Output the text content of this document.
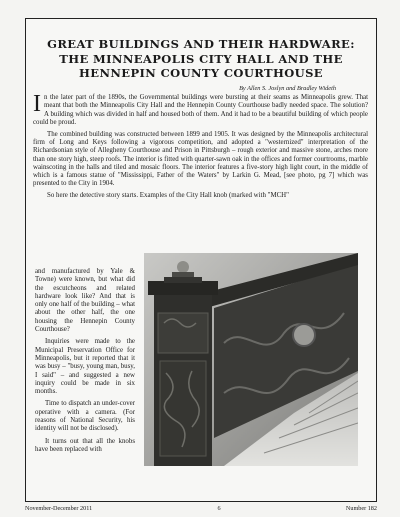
GREAT BUILDINGS AND THEIR HARDWARE:

THE MINNEAPOLIS CITY HALL AND THE

HENNEPIN COUNTY COURTHOUSE

By Allen S. Joslyn and Bradley Wideth

In the later part of the 1890s, the Governmental buildings were bursting at their seams as Minneapolis grew. That meant that both the Minneapolis City Hall and the Hennepin County Courthouse badly needed space. The solution? A building which was divided in half and housed both of them. And it had to be a beautiful building of which people could be proud.

The combined building was constructed between 1899 and 1905. It was designed by the Minneapolis architectural firm of Long and Keys following a vigorous competition, and adopted a "westernized" interpretation of the Richardsonian style of Allegheny Courthouse and Prison in Pittsburgh – rough exterior and massive stone, arches more than one story high, steep roofs. The interior is fitted with quarter-sawn oak in the offices and former courtrooms, marble wainscoting in the halls and tiled and mosaic floors. The interior features a five-story high light court, in the middle of which is a famous statue of "Mississippi, Father of the Waters" by Larkin G. Mead, [see photo, pg 7] which was presented to the City in 1904.

So here the detective story starts. Examples of the City Hall knob (marked with "MCH"

and manufactured by Yale & Towne) were known, but what did the escutcheons and related hardware look like? And that is only one half of the building – what about the other half, the one housing the Hennepin County Courthouse?

Inquiries were made to the Municipal Preservation Office for Minneapolis, but it reported that it was busy – "busy, young man, busy, I said" – and suggested a new inquiry could be made in six months.

Time to dispatch an under-cover operative with a camera. (For reasons of National Security, his identity will not be disclosed).

It turns out that all the knobs have been replaced with

November-December 2011	6	Number 182
